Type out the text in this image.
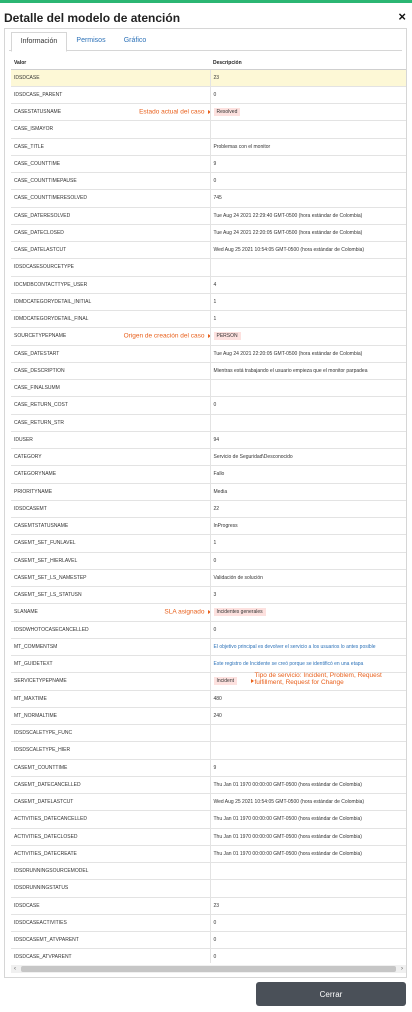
Detalle del modelo de atención	×
Información	Permisos	Gráfico
Valor	Descripción
IDSDCASE	23
IDSDCASE_PARENT	0
CASESTATUSNAME Estado actual del caso	Resolved
CASE_ISMAYOR	
CASE_TITLE	Problemas con el monitor
CASE_COUNTTIME	9
CASE_COUNTTIMEPAUSE	0
CASE_COUNTTIMERESOLVED	745
CASE_DATERESOLVED	Tue Aug 24 2021 22:29:40 GMT-0500 (hora estándar de Colombia)
CASE_DATECLOSED	Tue Aug 24 2021 22:20:05 GMT-0500 (hora estándar de Colombia)
CASE_DATELASTCUT	Wed Aug 25 2021 10:54:05 GMT-0500 (hora estándar de Colombia)
IDSDCASESOURCETYPE	
IDCMDBCONTACTTYPE_USER	4
IDMDCATEGORYDETAIL_INITIAL	1
IDMDCATEGORYDETAIL_FINAL	1
SOURCETYPEPNAME Origen de creación del caso	PERSON
CASE_DATESTART	Tue Aug 24 2021 22:20:05 GMT-0500 (hora estándar de Colombia)
CASE_DESCRIPTION	Mientras está trabajando el usuario empieza que el monitor parpadea
CASE_FINALSUMM	
CASE_RETURN_COST	0
CASE_RETURN_STR	
IDUSER	94
CATEGORY	Servicio de Seguridad\Desconocido
CATEGORYNAME	Fallo
PRIORITYNAME	Media
IDSDCASEMT	22
CASEMTSTATUSNAME	InProgress
CASEMT_SET_FUNLAVEL	1
CASEMT_SET_HIERLAVEL	0
CASEMT_SET_LS_NAMESTEP	Validación de solución
CASEMT_SET_LS_STATUSN	3
SLANAME SLA asignado	Incidentes generales
IDSDWHOTOCASECANCELLED	0
MT_COMMENTSM	El objetivo principal es devolver el servicio a los usuarios lo antes posible
MT_GUIDETEXT	Este registro de Incidente se creó porque se identificó en una etapa
SERVICETYPEPNAME	Incident
Tipo de servicio: Incident, Problem, Request fulfillment, Request for Change

MT_MAXTIME	480
MT_NORMALTIME	240
IDSDSCALETYPE_FUNC	
IDSDSCALETYPE_HIER	
CASEMT_COUNTTIME	9
CASEMT_DATECANCELLED	Thu Jan 01 1970 00:00:00 GMT-0500 (hora estándar de Colombia)
CASEMT_DATELASTCUT	Wed Aug 25 2021 10:54:05 GMT-0500 (hora estándar de Colombia)
ACTIVITIES_DATECANCELLED	Thu Jan 01 1970 00:00:00 GMT-0500 (hora estándar de Colombia)
ACTIVITIES_DATECLOSED	Thu Jan 01 1970 00:00:00 GMT-0500 (hora estándar de Colombia)
ACTIVITIES_DATECREATE	Thu Jan 01 1970 00:00:00 GMT-0500 (hora estándar de Colombia)
IDSDRUNNINGSOURCEMODEL	
IDSDRUNNINGSTATUS	
IDSDCASE	23
IDSDCASEACTIVITIES	0
IDSDCASEMT_ATVPARENT	0
IDSDCASE_ATVPARENT	0
‹	›
Cerrar
